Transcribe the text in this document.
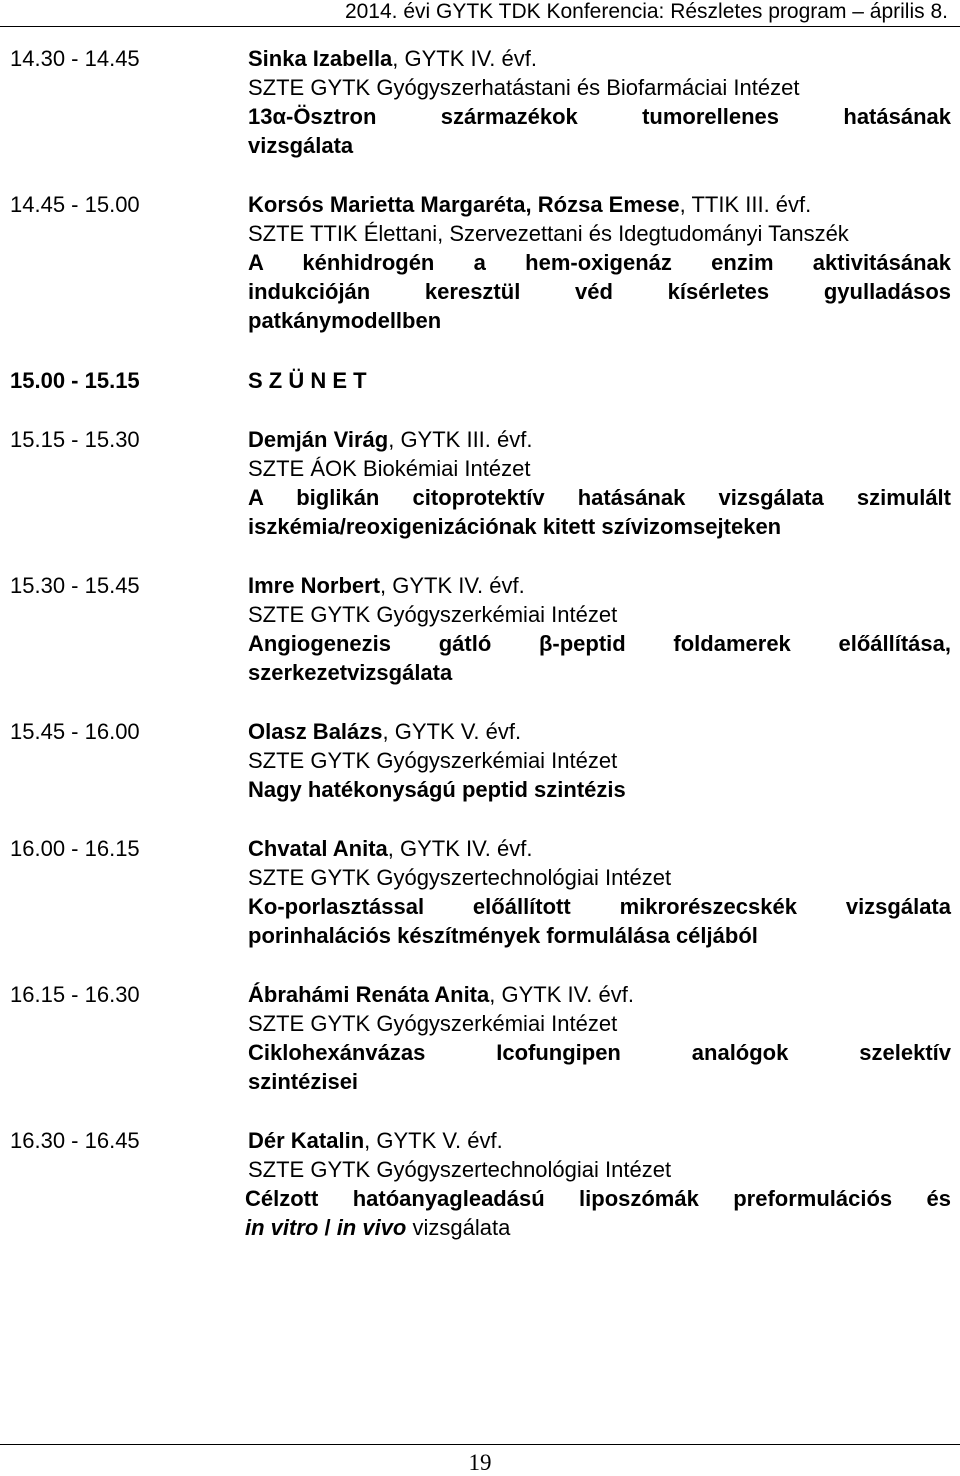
2014. évi GYTK TDK Konferencia: Részletes program – április 8.
14.30 - 14.45	Sinka Izabella, GYTK IV. évf.
SZTE GYTK Gyógyszerhatástani és Biofarmáciai Intézet
13α-Ösztron származékok tumorellenes hatásának
vizsgálata
14.45 - 15.00	Korsós Marietta Margaréta, Rózsa Emese, TTIK III. évf.
SZTE TTIK Élettani, Szervezettani és Idegtudományi Tanszék
A kénhidrogén a hem-oxigenáz enzim aktivitásának
indukcióján keresztül véd kísérletes gyulladásos
patkánymodellben
15.00 - 15.15	S Z Ü N E T
15.15 - 15.30	Demján Virág, GYTK III. évf.
SZTE ÁOK Biokémiai Intézet
A biglikán citoprotektív hatásának vizsgálata szimulált
iszkémia/reoxigenizációnak kitett szívizomsejteken
15.30 - 15.45	Imre Norbert, GYTK IV. évf.
SZTE GYTK Gyógyszerkémiai Intézet
Angiogenezis gátló β-peptid foldamerek előállítása,
szerkezetvizsgálata
15.45 - 16.00	Olasz Balázs, GYTK V. évf.
SZTE GYTK Gyógyszerkémiai Intézet
Nagy hatékonyságú peptid szintézis
16.00 - 16.15	Chvatal Anita, GYTK IV. évf.
SZTE GYTK Gyógyszertechnológiai Intézet
Ko-porlasztással előállított mikrorészecskék vizsgálata
porinhalációs készítmények formulálása céljából
16.15 - 16.30	Ábrahámi Renáta Anita, GYTK IV. évf.
SZTE GYTK Gyógyszerkémiai Intézet
Ciklohexánvázas Icofungipen analógok szelektív
szintézisei
16.30 - 16.45	Dér Katalin, GYTK V. évf.
SZTE GYTK Gyógyszertechnológiai Intézet
Célzott hatóanyagleadású liposzómák preformulációs és
in vitro / in vivo vizsgálata
19
